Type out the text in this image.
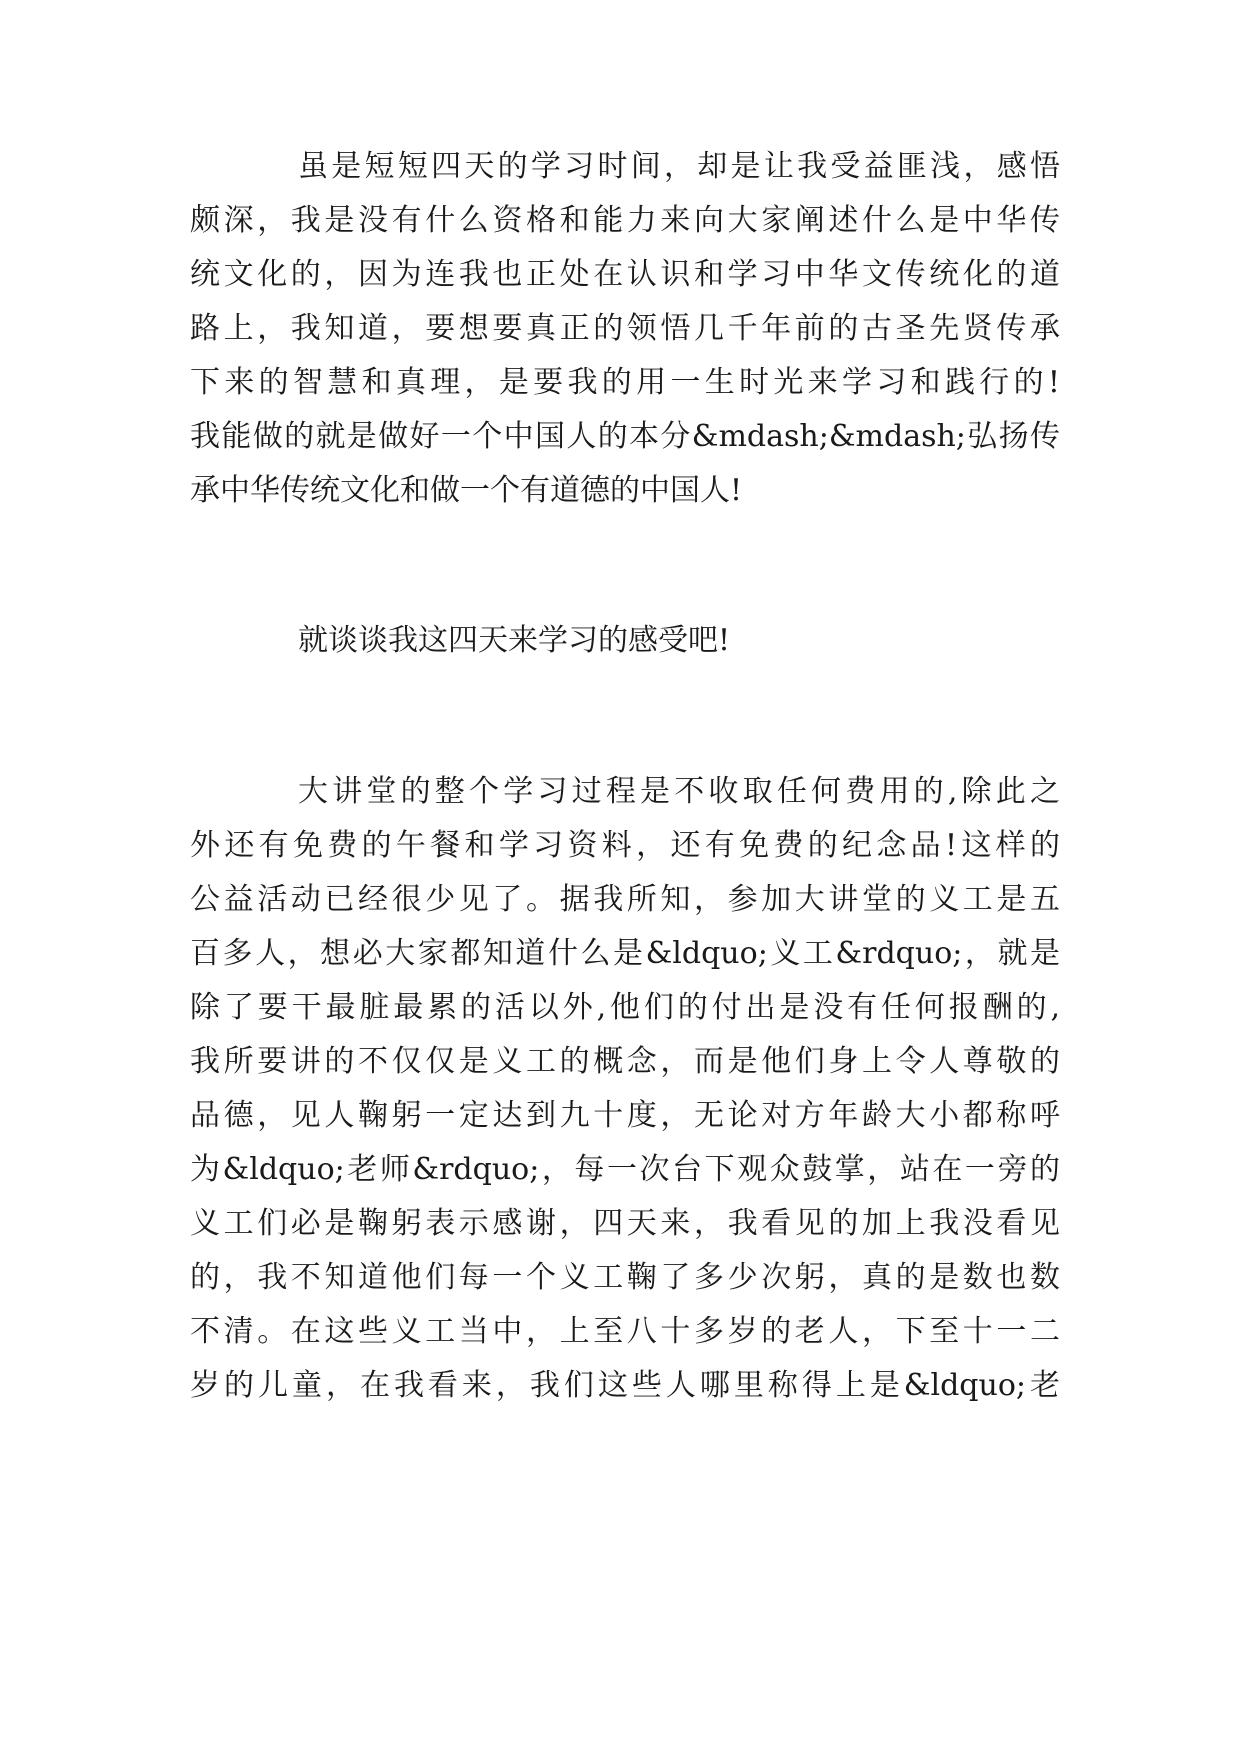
虽是短短四天的学习时间，却是让我受益匪浅，感悟
颇深，我是没有什么资格和能力来向大家阐述什么是中华传
统文化的，因为连我也正处在认识和学习中华文传统化的道
路上，我知道，要想要真正的领悟几千年前的古圣先贤传承
下来的智慧和真理，是要我的用一生时光来学习和践行的!
我能做的就是做好一个中国人的本分&mdash;&mdash;弘扬传
承中华传统文化和做一个有道德的中国人!
就谈谈我这四天来学习的感受吧!
大讲堂的整个学习过程是不收取任何费用的,除此之
外还有免费的午餐和学习资料，还有免费的纪念品!这样的
公益活动已经很少见了。据我所知，参加大讲堂的义工是五
百多人，想必大家都知道什么是&ldquo;义工&rdquo;，就是
除了要干最脏最累的活以外,他们的付出是没有任何报酬的,
我所要讲的不仅仅是义工的概念，而是他们身上令人尊敬的
品德，见人鞠躬一定达到九十度，无论对方年龄大小都称呼
为&ldquo;老师&rdquo;，每一次台下观众鼓掌，站在一旁的
义工们必是鞠躬表示感谢，四天来，我看见的加上我没看见
的，我不知道他们每一个义工鞠了多少次躬，真的是数也数
不清。在这些义工当中，上至八十多岁的老人，下至十一二
岁的儿童，在我看来，我们这些人哪里称得上是&ldquo;老
